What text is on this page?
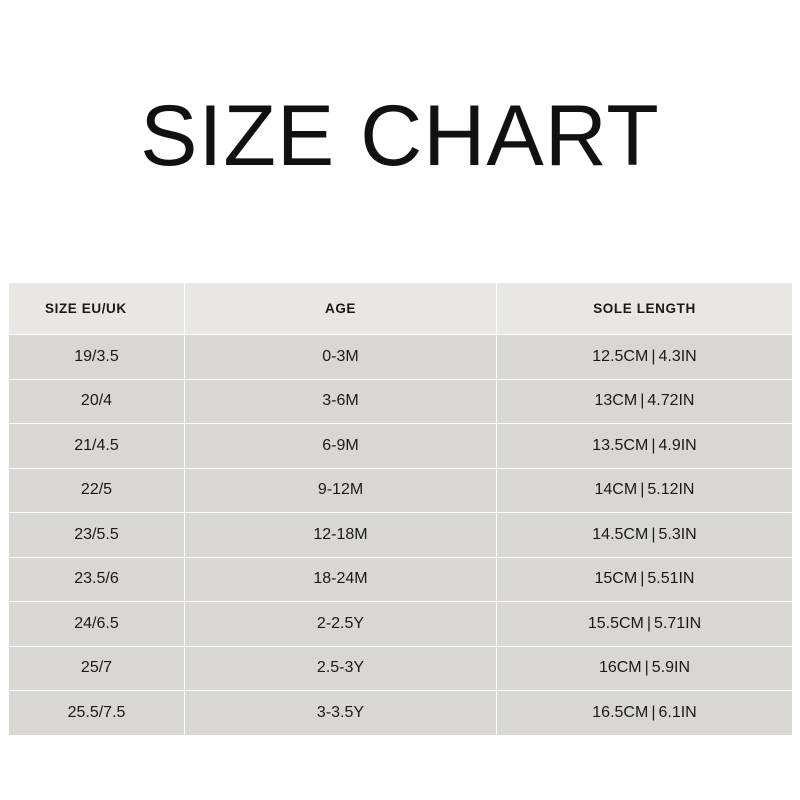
SIZE CHART
SIZE EU/UK	AGE	SOLE LENGTH
19/3.5	0-3M	12.5CM | 4.3IN
20/4	3-6M	13CM | 4.72IN
21/4.5	6-9M	13.5CM | 4.9IN
22/5	9-12M	14CM | 5.12IN
23/5.5	12-18M	14.5CM | 5.3IN
23.5/6	18-24M	15CM | 5.51IN
24/6.5	2-2.5Y	15.5CM | 5.71IN
25/7	2.5-3Y	16CM | 5.9IN
25.5/7.5	3-3.5Y	16.5CM | 6.1IN
